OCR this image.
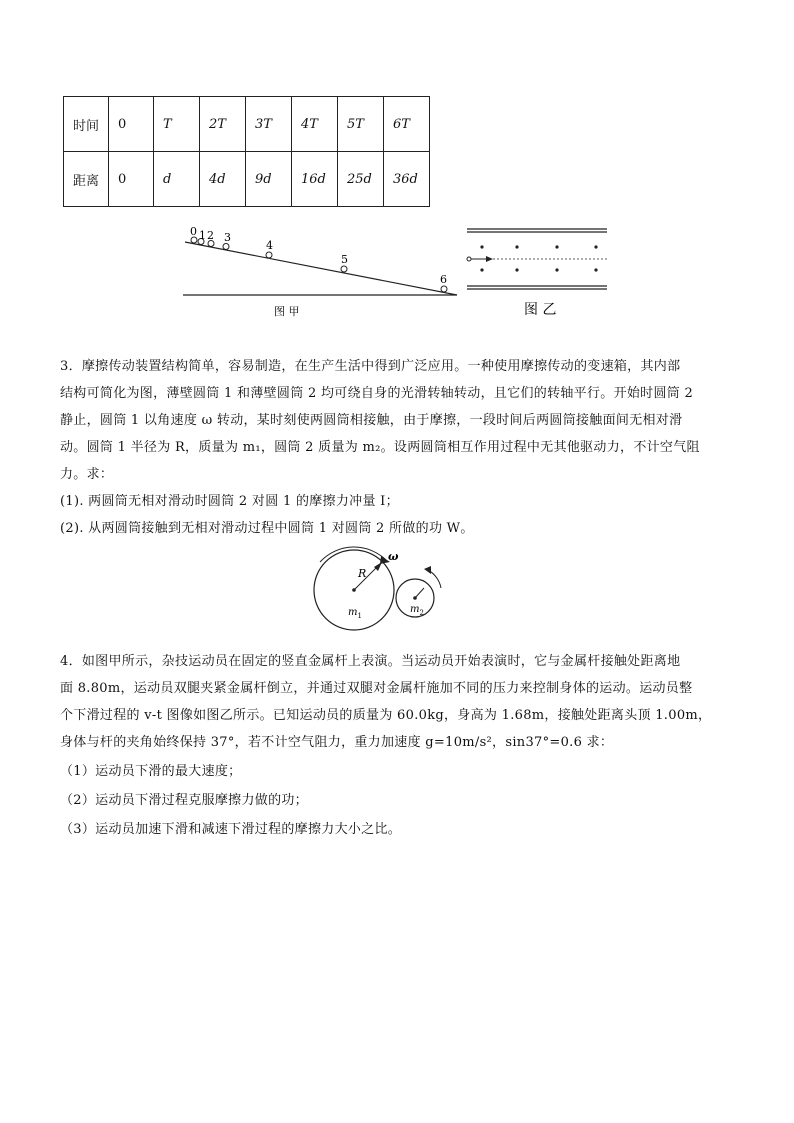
时间	0	T	2T	3T	4T	5T	6T
距离	0	d	4d	9d	16d	25d	36d
0 1 2 3
4
5
6
图 甲	图 乙
3．摩擦传动装置结构简单，容易制造，在生产生活中得到广泛应用。一种使用摩擦传动的变速箱，其内部
结构可简化为图，薄壁圆筒 1 和薄壁圆筒 2 均可绕自身的光滑转轴转动，且它们的转轴平行。开始时圆筒 2
静止，圆筒 1 以角速度 ω 转动，某时刻使两圆筒相接触，由于摩擦，一段时间后两圆筒接触面间无相对滑
动。圆筒 1 半径为 R，质量为 m₁，圆筒 2 质量为 m₂。设两圆筒相互作用过程中无其他驱动力，不计空气阻
力。求：
(1). 两圆筒无相对滑动时圆筒 2 对圆 1 的摩擦力冲量 I；
(2). 从两圆筒接触到无相对滑动过程中圆筒 1 对圆筒 2 所做的功 W。
ω
R
$m_1$
$m_2$
4．如图甲所示，杂技运动员在固定的竖直金属杆上表演。当运动员开始表演时，它与金属杆接触处距离地
面 8.80m，运动员双腿夹紧金属杆倒立，并通过双腿对金属杆施加不同的压力来控制身体的运动。运动员整
个下滑过程的 v-t 图像如图乙所示。已知运动员的质量为 60.0kg，身高为 1.68m，接触处距离头顶 1.00m，
身体与杆的夹角始终保持 37°，若不计空气阻力，重力加速度 g=10m/s²，sin37°=0.6 求：
（1）运动员下滑的最大速度；
（2）运动员下滑过程克服摩擦力做的功；
（3）运动员加速下滑和减速下滑过程的摩擦力大小之比。
